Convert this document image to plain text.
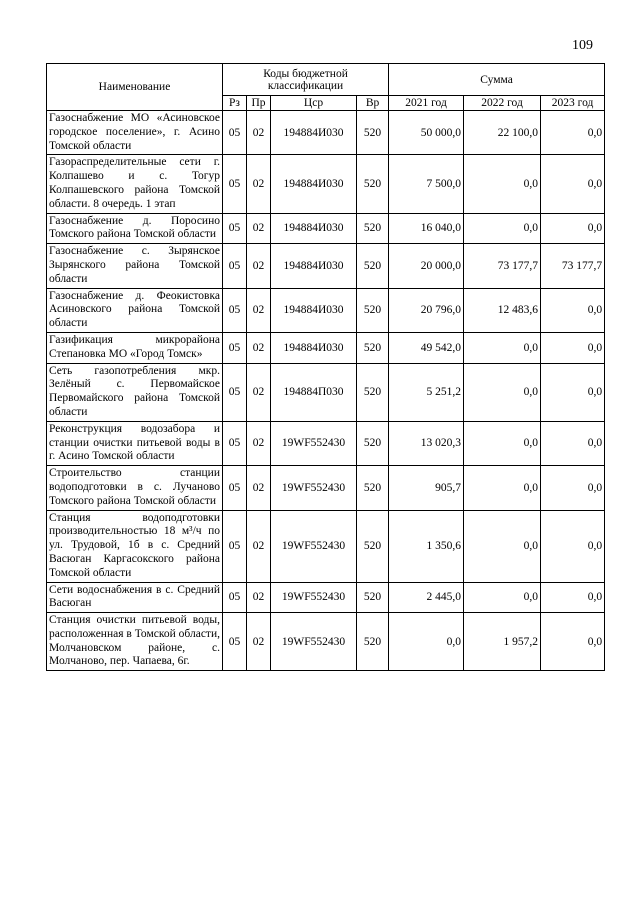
109
Наименование	Коды бюджетной классификации				Сумма		
	Рз	Пр	Цср	Вр	2021 год	2022 год	2023 год
Газоснабжение МО «Асиновское городское поселение», г. Асино Томской области	05	02	194884И030	520	50 000,0	22 100,0	0,0
Газораспределительные сети г. Колпашево и с. Тогур Колпашевского района Томской области. 8 очередь. 1 этап	05	02	194884И030	520	7 500,0	0,0	0,0
Газоснабжение д. Поросино Томского района Томской области	05	02	194884И030	520	16 040,0	0,0	0,0
Газоснабжение с. Зырянское Зырянского района Томской области	05	02	194884И030	520	20 000,0	73 177,7	73 177,7
Газоснабжение д. Феокистовка Асиновского района Томской области	05	02	194884И030	520	20 796,0	12 483,6	0,0
Газификация микрорайона Степановка МО «Город Томск»	05	02	194884И030	520	49 542,0	0,0	0,0
Сеть газопотребления мкр. Зелёный с. Первомайское Первомайского района Томской области	05	02	194884П030	520	5 251,2	0,0	0,0
Реконструкция водозабора и станции очистки питьевой воды в г. Асино Томской области	05	02	19WF552430	520	13 020,3	0,0	0,0
Строительство станции водоподготовки в с. Лучаново Томского района Томской области	05	02	19WF552430	520	905,7	0,0	0,0
Станция водоподготовки производительностью 18 м³/ч по ул. Трудовой, 1б в с. Средний Васюган Каргасокского района Томской области	05	02	19WF552430	520	1 350,6	0,0	0,0
Сети водоснабжения в с. Средний Васюган	05	02	19WF552430	520	2 445,0	0,0	0,0
Станция очистки питьевой воды, расположенная в Томской области, Молчановском районе, с. Молчаново, пер. Чапаева, 6г.	05	02	19WF552430	520	0,0	1 957,2	0,0
